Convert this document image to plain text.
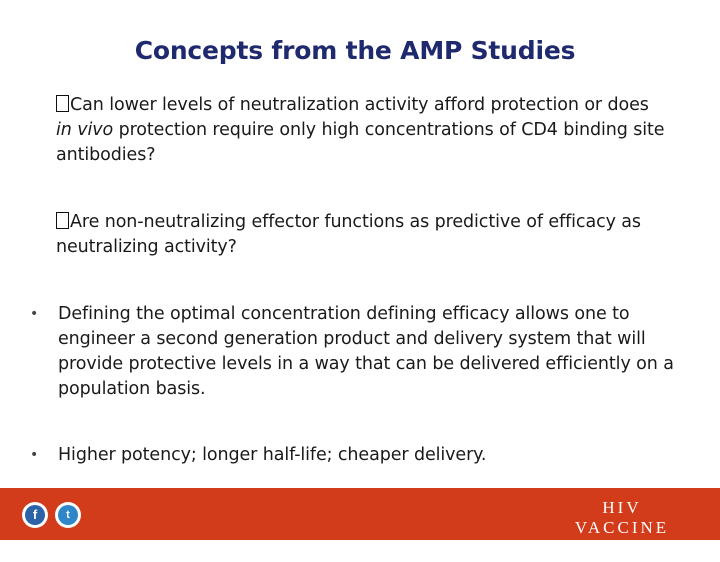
Concepts from the AMP Studies
Can lower levels of neutralization activity afford protection or does
in vivo protection require only high concentrations of CD4 binding site antibodies?
Are non-neutralizing effector functions as predictive of efficacy as neutralizing activity?
•	Defining the optimal concentration defining efficacy allows one to engineer a second generation product and delivery system that will provide protective levels in a way that can be delivered efficiently on a population basis.
•	Higher potency; longer half-life; cheaper delivery.
f	t	HIV VACCINE
TRIALS NETWORK
